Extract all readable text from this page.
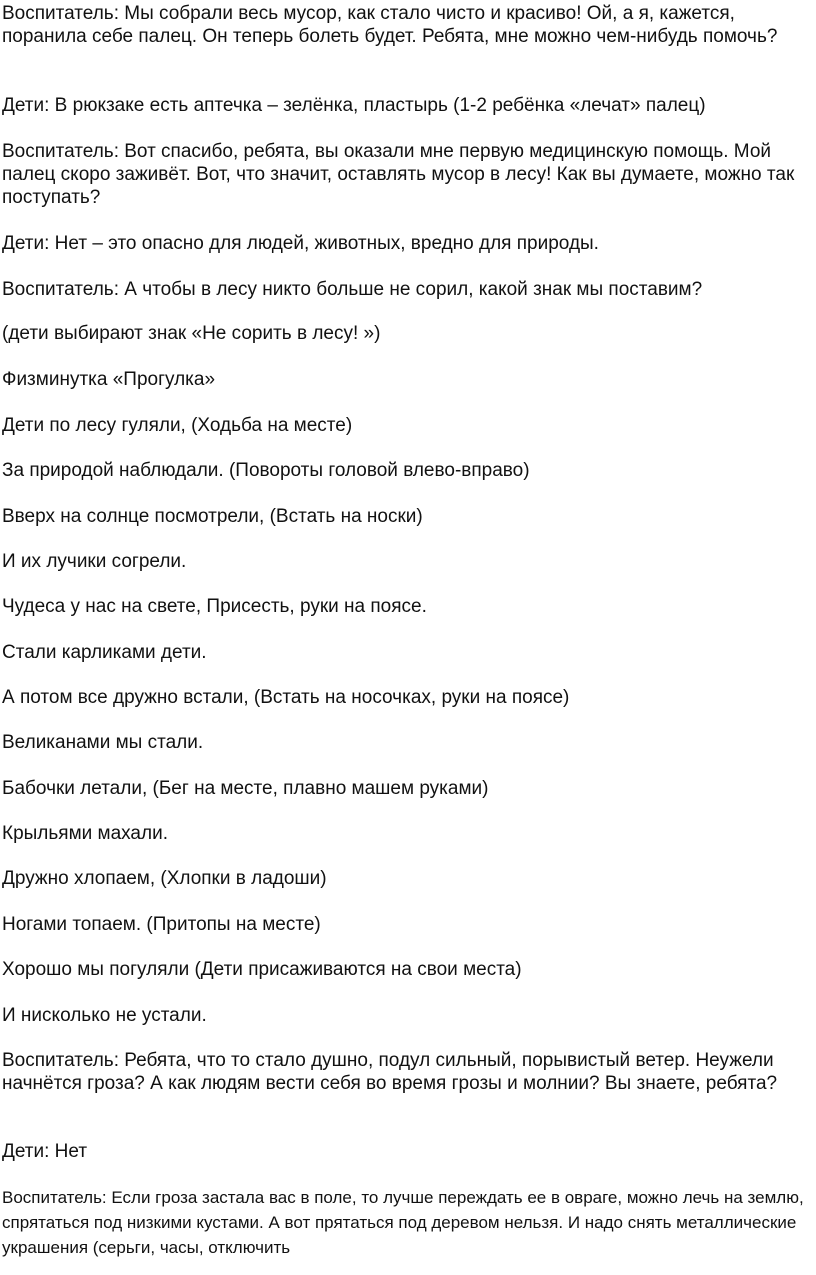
Воспитатель: Мы собрали весь мусор, как стало чисто и красиво! Ой, а я, кажется, поранила себе палец. Он теперь болеть будет. Ребята, мне можно чем-нибудь помочь?

Дети: В рюкзаке есть аптечка – зелёнка, пластырь (1-2 ребёнка «лечат» палец)

Воспитатель: Вот спасибо, ребята, вы оказали мне первую медицинскую помощь. Мой палец скоро заживёт. Вот, что значит, оставлять мусор в лесу! Как вы думаете, можно так поступать?

Дети: Нет – это опасно для людей, животных, вредно для природы.

Воспитатель: А чтобы в лесу никто больше не сорил, какой знак мы поставим?

(дети выбирают знак «Не сорить в лесу! »)

Физминутка «Прогулка»

Дети по лесу гуляли, (Ходьба на месте)

За природой наблюдали. (Повороты головой влево-вправо)

Вверх на солнце посмотрели, (Встать на носки)

И их лучики согрели.

Чудеса у нас на свете, Присесть, руки на поясе.

Стали карликами дети.

А потом все дружно встали, (Встать на носочках, руки на поясе)

Великанами мы стали.

Бабочки летали, (Бег на месте, плавно машем руками)

Крыльями махали.

Дружно хлопаем, (Хлопки в ладоши)

Ногами топаем. (Притопы на месте)

Хорошо мы погуляли (Дети присаживаются на свои места)

И нисколько не устали.

Воспитатель: Ребята, что то стало душно, подул сильный, порывистый ветер. Неужели начнётся гроза? А как людям вести себя во время грозы и молнии? Вы знаете, ребята?

Дети: Нет

Воспитатель: Если гроза застала вас в поле, то лучше переждать ее в овраге, можно лечь на землю, спрятаться под низкими кустами. А вот прятаться под деревом нельзя. И надо снять металлические украшения (серьги, часы, отключить
